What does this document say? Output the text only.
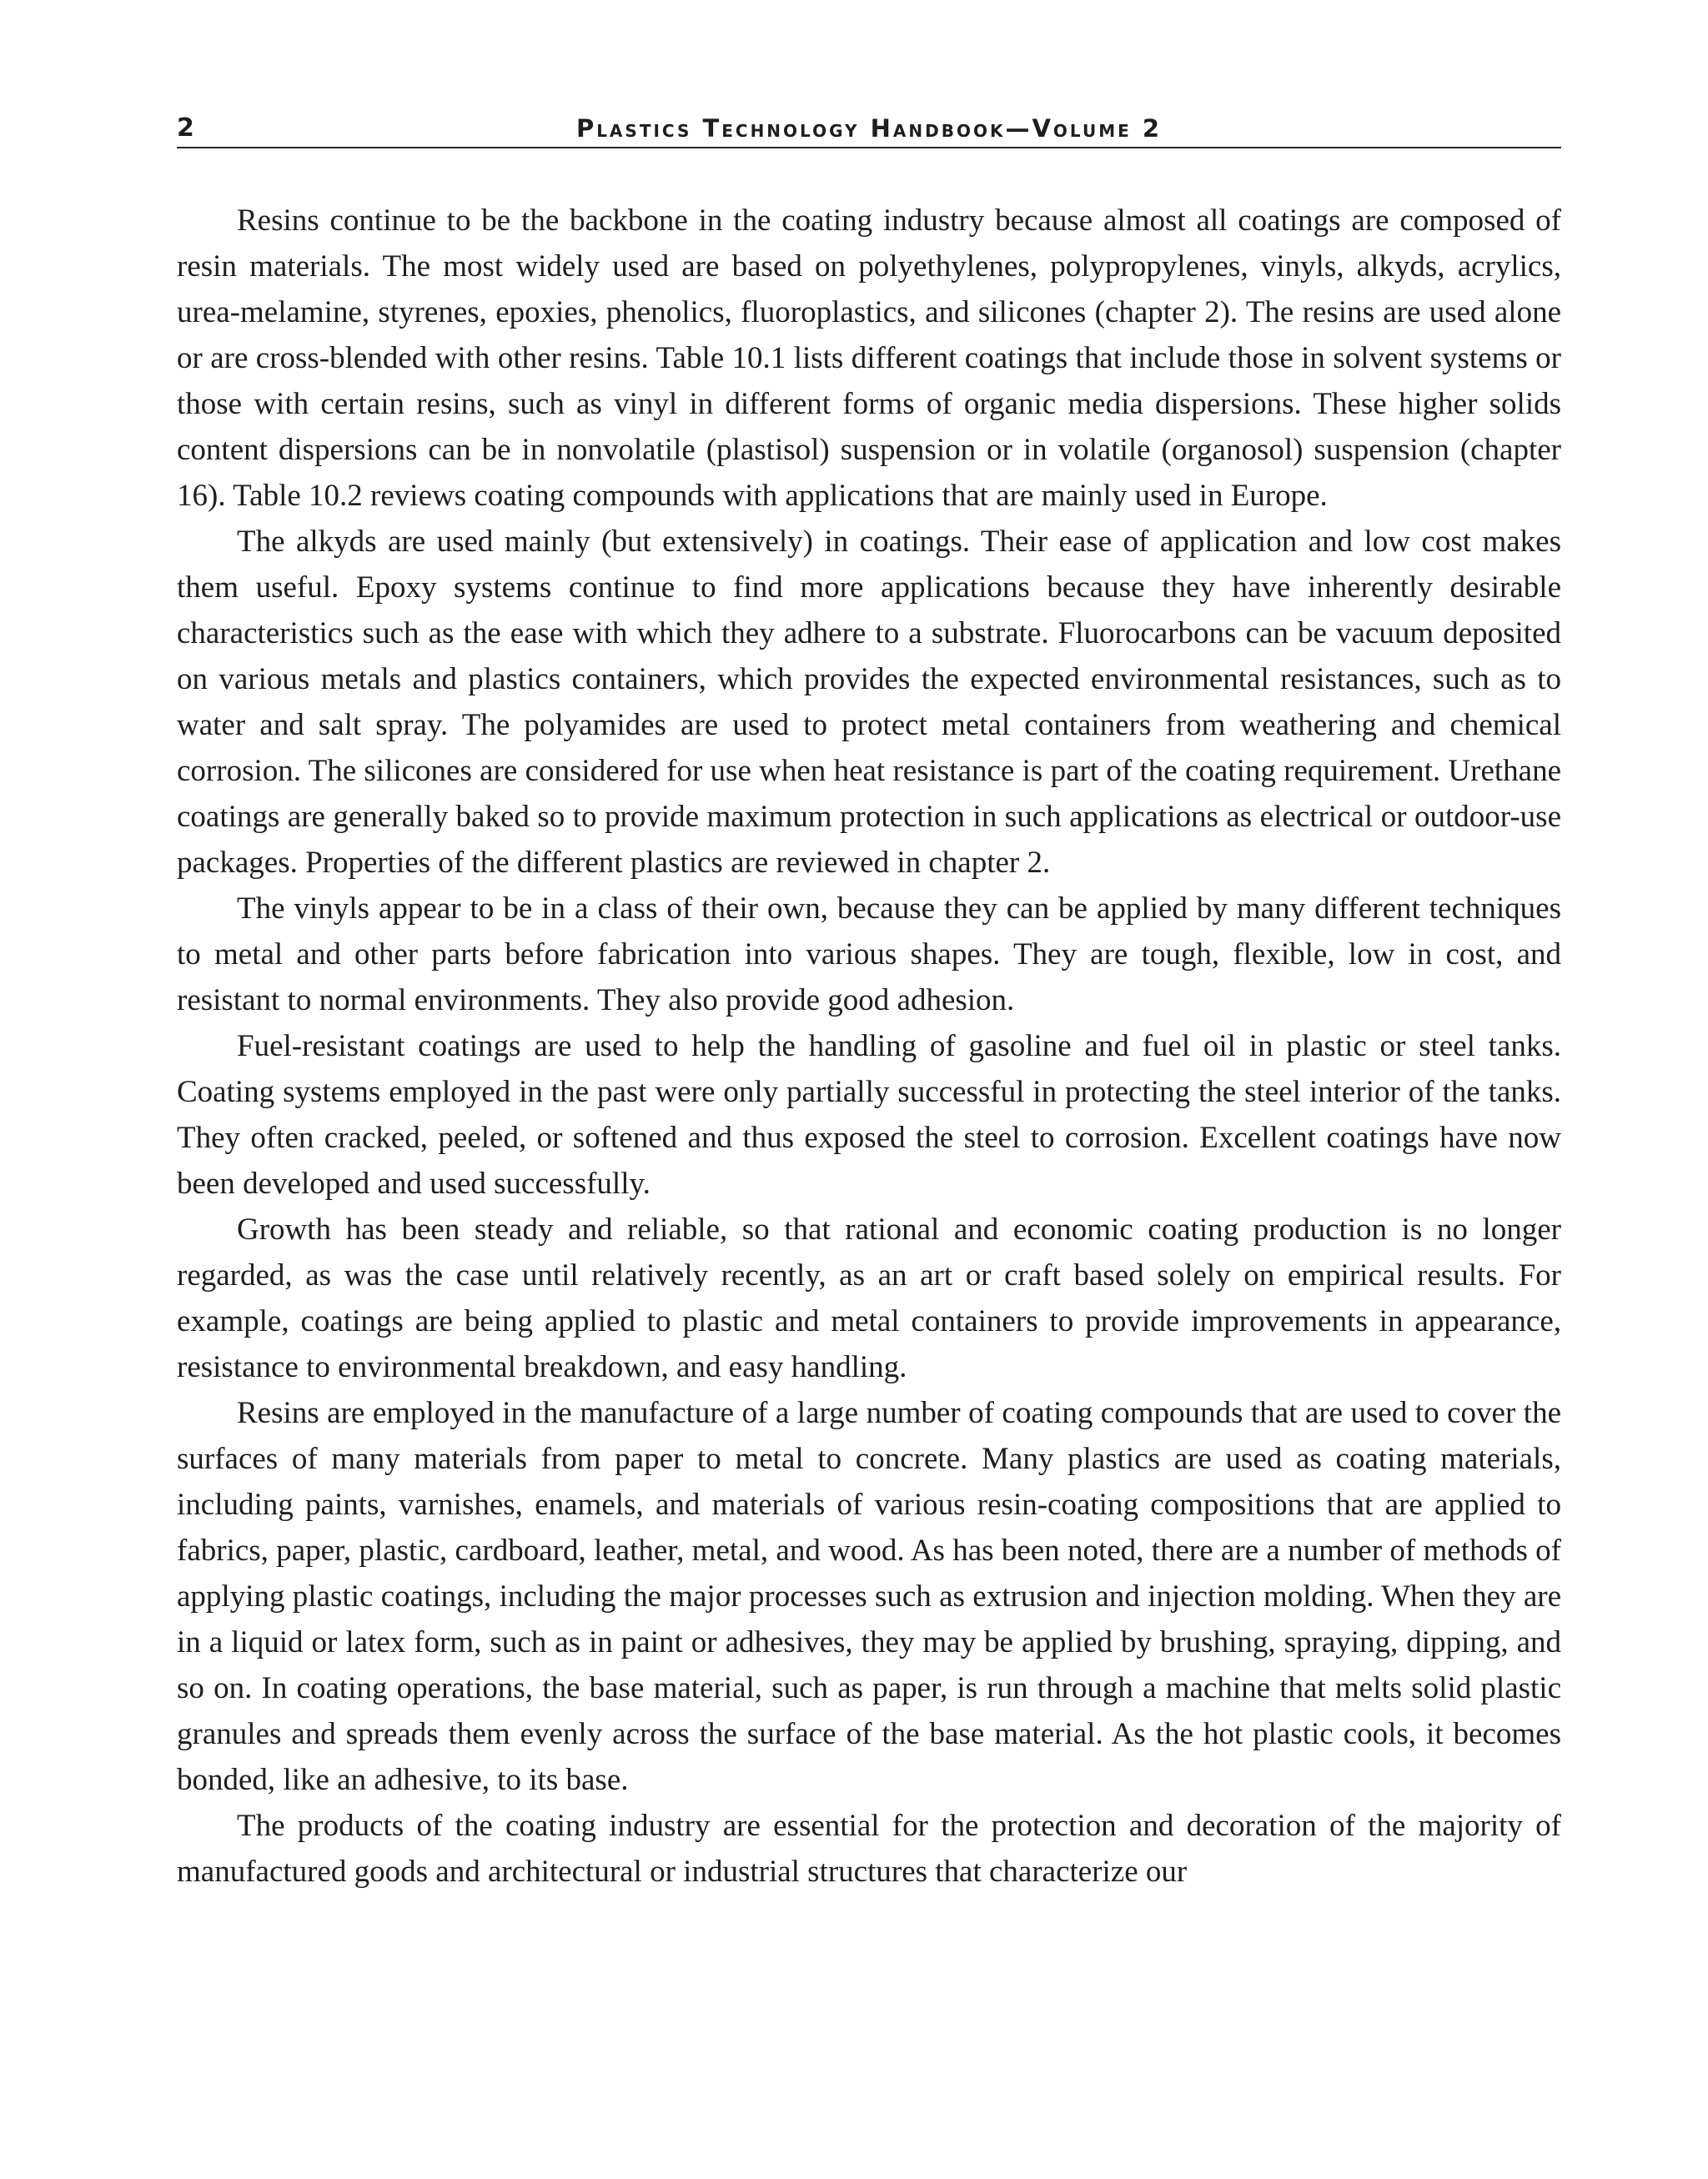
2	Plastics Technology Handbook—Volume 2

Resins continue to be the backbone in the coating industry because almost all coatings are composed of resin materials. The most widely used are based on polyethylenes, polypropylenes, vinyls, alkyds, acrylics, urea-melamine, styrenes, epoxies, phenolics, fluoroplastics, and silicones (chapter 2). The resins are used alone or are cross-blended with other resins. Table 10.1 lists different coatings that include those in solvent systems or those with certain resins, such as vinyl in different forms of organic media dispersions. These higher solids content dispersions can be in nonvolatile (plastisol) suspension or in volatile (organosol) suspension (chapter 16). Table 10.2 reviews coating compounds with applications that are mainly used in Europe.

The alkyds are used mainly (but extensively) in coatings. Their ease of application and low cost makes them useful. Epoxy systems continue to find more applications because they have inherently desirable characteristics such as the ease with which they adhere to a substrate. Fluorocarbons can be vacuum deposited on various metals and plastics containers, which provides the expected environmental resistances, such as to water and salt spray. The polyamides are used to protect metal containers from weathering and chemical corrosion. The silicones are considered for use when heat resistance is part of the coating requirement. Urethane coatings are generally baked so to provide maximum protection in such applications as electrical or outdoor-use packages. Properties of the different plastics are reviewed in chapter 2.

The vinyls appear to be in a class of their own, because they can be applied by many different techniques to metal and other parts before fabrication into various shapes. They are tough, flexible, low in cost, and resistant to normal environments. They also provide good adhesion.

Fuel-resistant coatings are used to help the handling of gasoline and fuel oil in plastic or steel tanks. Coating systems employed in the past were only partially successful in protecting the steel interior of the tanks. They often cracked, peeled, or softened and thus exposed the steel to corrosion. Excellent coatings have now been developed and used successfully.

Growth has been steady and reliable, so that rational and economic coating production is no longer regarded, as was the case until relatively recently, as an art or craft based solely on empirical results. For example, coatings are being applied to plastic and metal containers to provide improvements in appearance, resistance to environmental breakdown, and easy handling.

Resins are employed in the manufacture of a large number of coating compounds that are used to cover the surfaces of many materials from paper to metal to concrete. Many plastics are used as coating materials, including paints, varnishes, enamels, and materials of various resin-coating compositions that are applied to fabrics, paper, plastic, cardboard, leather, metal, and wood. As has been noted, there are a number of methods of applying plastic coatings, including the major processes such as extrusion and injection molding. When they are in a liquid or latex form, such as in paint or adhesives, they may be applied by brushing, spraying, dipping, and so on. In coating operations, the base material, such as paper, is run through a machine that melts solid plastic granules and spreads them evenly across the surface of the base material. As the hot plastic cools, it becomes bonded, like an adhesive, to its base.

The products of the coating industry are essential for the protection and decoration of the majority of manufactured goods and architectural or industrial structures that characterize our
